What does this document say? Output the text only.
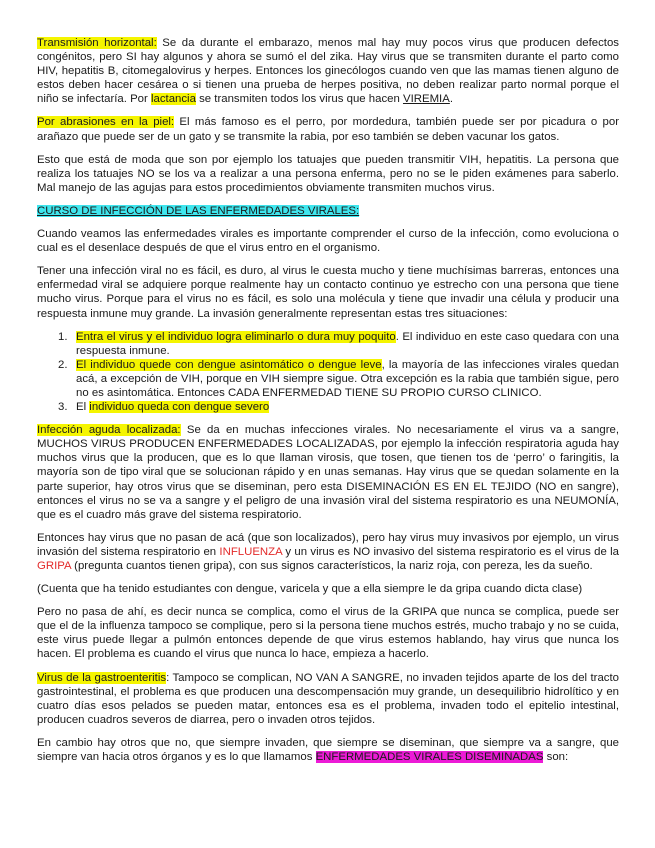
Transmisión horizontal: Se da durante el embarazo, menos mal hay muy pocos virus que producen defectos congénitos, pero SI hay algunos y ahora se sumó el del zika. Hay virus que se transmiten durante el parto como HIV, hepatitis B, citomegalovirus y herpes. Entonces los ginecólogos cuando ven que las mamas tienen alguno de estos deben hacer cesárea o si tienen una prueba de herpes positiva, no deben realizar parto normal porque el niño se infectaría. Por lactancia se transmiten todos los virus que hacen VIREMIA.

Por abrasiones en la piel: El más famoso es el perro, por mordedura, también puede ser por picadura o por arañazo que puede ser de un gato y se transmite la rabia, por eso también se deben vacunar los gatos.

Esto que está de moda que son por ejemplo los tatuajes que pueden transmitir VIH, hepatitis. La persona que realiza los tatuajes NO se los va a realizar a una persona enferma, pero no se le piden exámenes para saberlo. Mal manejo de las agujas para estos procedimientos obviamente transmiten muchos virus.

CURSO DE INFECCIÓN DE LAS ENFERMEDADES VIRALES:

Cuando veamos las enfermedades virales es importante comprender el curso de la infección, como evoluciona o cual es el desenlace después de que el virus entro en el organismo.

Tener una infección viral no es fácil, es duro, al virus le cuesta mucho y tiene muchísimas barreras, entonces una enfermedad viral se adquiere porque realmente hay un contacto continuo ye estrecho con una persona que tiene mucho virus. Porque para el virus no es fácil, es solo una molécula y tiene que invadir una célula y producir una respuesta inmune muy grande. La invasión generalmente representan estas tres situaciones:

1. Entra el virus y el individuo logra eliminarlo o dura muy poquito. El individuo en este caso quedara con una respuesta inmune.
2. El individuo quede con dengue asintomático o dengue leve, la mayoría de las infecciones virales quedan acá, a excepción de VIH, porque en VIH siempre sigue. Otra excepción es la rabia que también sigue, pero no es asintomática. Entonces CADA ENFERMEDAD TIENE SU PROPIO CURSO CLINICO.
3. El individuo queda con dengue severo

Infección aguda localizada: Se da en muchas infecciones virales. No necesariamente el virus va a sangre, MUCHOS VIRUS PRODUCEN ENFERMEDADES LOCALIZADAS, por ejemplo la infección respiratoria aguda hay muchos virus que la producen, que es lo que llaman virosis, que tosen, que tienen tos de ‘perro’ o faringitis, la mayoría son de tipo viral que se solucionan rápido y en unas semanas. Hay virus que se quedan solamente en la parte superior, hay otros virus que se diseminan, pero esta DISEMINACIÓN ES EN EL TEJIDO (NO en sangre), entonces el virus no se va a sangre y el peligro de una invasión viral del sistema respiratorio es una NEUMONÍA, que es el cuadro más grave del sistema respiratorio.

Entonces hay virus que no pasan de acá (que son localizados), pero hay virus muy invasivos por ejemplo, un virus invasión del sistema respiratorio en INFLUENZA y un virus es NO invasivo del sistema respiratorio es el virus de la GRIPA (pregunta cuantos tienen gripa), con sus signos característicos, la nariz roja, con pereza, les da sueño.

(Cuenta que ha tenido estudiantes con dengue, varicela y que a ella siempre le da gripa cuando dicta clase)

Pero no pasa de ahí, es decir nunca se complica, como el virus de la GRIPA que nunca se complica, puede ser que el de la influenza tampoco se complique, pero si la persona tiene muchos estrés, mucho trabajo y no se cuida, este virus puede llegar a pulmón entonces depende de que virus estemos hablando, hay virus que nunca los hacen. El problema es cuando el virus que nunca lo hace, empieza a hacerlo.

Virus de la gastroenteritis: Tampoco se complican, NO VAN A SANGRE, no invaden tejidos aparte de los del tracto gastrointestinal, el problema es que producen una descompensación muy grande, un desequilibrio hidrolítico y en cuatro días esos pelados se pueden matar, entonces esa es el problema, invaden todo el epitelio intestinal, producen cuadros severos de diarrea, pero o invaden otros tejidos.

En cambio hay otros que no, que siempre invaden, que siempre se diseminan, que siempre va a sangre, que siempre van hacia otros órganos y es lo que llamamos ENFERMEDADES VIRALES DISEMINADAS son:
